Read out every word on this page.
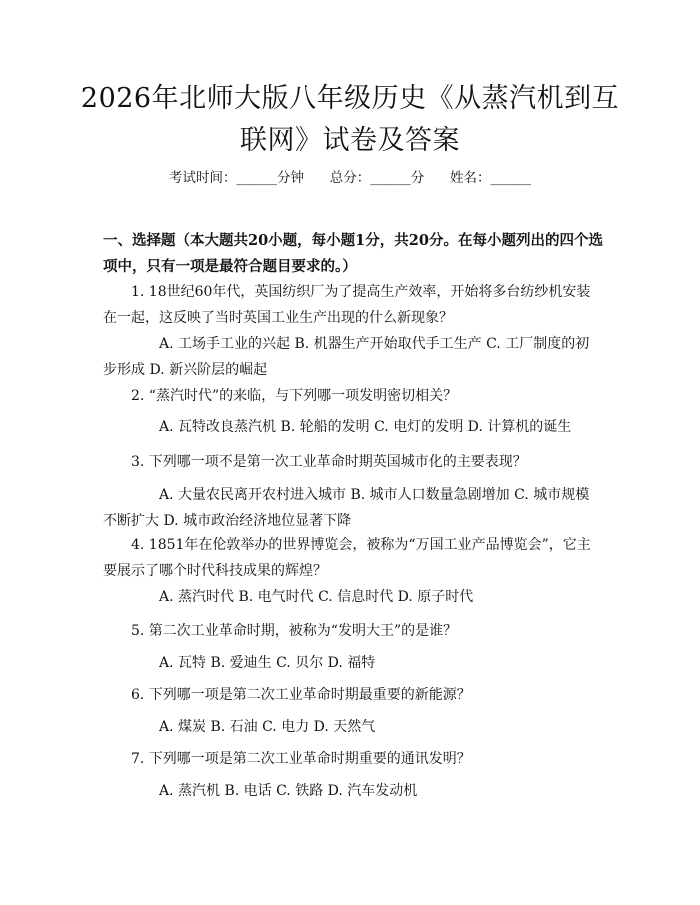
2026年北师大版八年级历史《从蒸汽机到互
联网》试卷及答案
考试时间：______分钟      总分：______分      姓名：______
一、选择题（本大题共20小题，每小题1分，共20分。在每小题列出的四个选项中，只有一项是最符合题目要求的。）
1. 18世纪60年代，英国纺织厂为了提高生产效率，开始将多台纺纱机安装在一起，这反映了当时英国工业生产出现的什么新现象？
A. 工场手工业的兴起 B. 机器生产开始取代手工生产 C. 工厂制度的初步形成 D. 新兴阶层的崛起
2. “蒸汽时代”的来临，与下列哪一项发明密切相关？
A. 瓦特改良蒸汽机 B. 轮船的发明 C. 电灯的发明 D. 计算机的诞生
3. 下列哪一项不是第一次工业革命时期英国城市化的主要表现？
A. 大量农民离开农村进入城市 B. 城市人口数量急剧增加 C. 城市规模不断扩大 D. 城市政治经济地位显著下降
4. 1851年在伦敦举办的世界博览会，被称为“万国工业产品博览会”，它主要展示了哪个时代科技成果的辉煌？
A. 蒸汽时代 B. 电气时代 C. 信息时代 D. 原子时代
5. 第二次工业革命时期，被称为“发明大王”的是谁？
A. 瓦特 B. 爱迪生 C. 贝尔 D. 福特
6. 下列哪一项是第二次工业革命时期最重要的新能源？
A. 煤炭 B. 石油 C. 电力 D. 天然气
7. 下列哪一项是第二次工业革命时期重要的通讯发明？
A. 蒸汽机 B. 电话 C. 铁路 D. 汽车发动机
